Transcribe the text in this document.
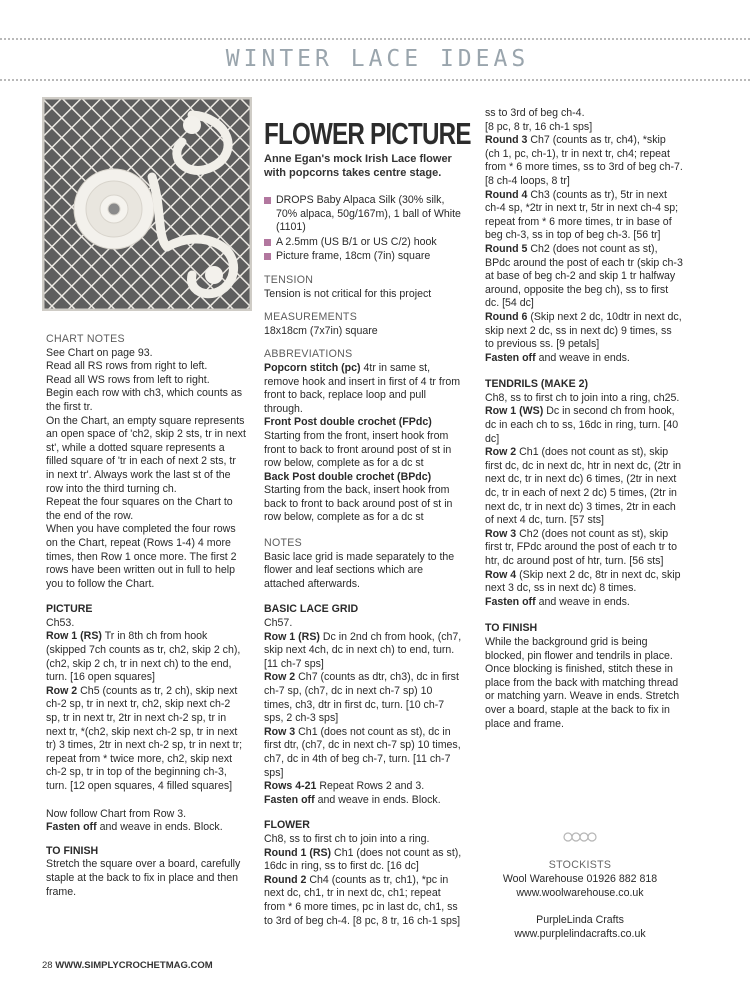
WINTER LACE IDEAS
FLOWER PICTURE
Anne Egan's mock Irish Lace flower with popcorns takes centre stage.
DROPS Baby Alpaca Silk (30% silk, 70% alpaca, 50g/167m), 1 ball of White (1101)
A 2.5mm (US B/1 or US C/2) hook
Picture frame, 18cm (7in) square

TENSION

Tension is not critical for this project

MEASUREMENTS

18x18cm (7x7in) square

ABBREVIATIONS

Popcorn stitch (pc) 4tr in same st, remove hook and insert in first of 4 tr from front to back, replace loop and pull through.

Front Post double crochet (FPdc)

Starting from the front, insert hook from front to back to front around post of st in row below, complete as for a dc st

Back Post double crochet (BPdc)

Starting from the back, insert hook from back to front to back around post of st in row below, complete as for a dc st

NOTES

Basic lace grid is made separately to the flower and leaf sections which are attached afterwards.

BASIC LACE GRID

Ch57.

Row 1 (RS) Dc in 2nd ch from hook, (ch7, skip next 4ch, dc in next ch) to end, turn. [11 ch-7 sps]

Row 2 Ch7 (counts as dtr, ch3), dc in first ch-7 sp, (ch7, dc in next ch-7 sp) 10 times, ch3, dtr in first dc, turn. [10 ch-7 sps, 2 ch-3 sps]

Row 3 Ch1 (does not count as st), dc in first dtr, (ch7, dc in next ch-7 sp) 10 times, ch7, dc in 4th of beg ch-7, turn. [11 ch-7 sps]

Rows 4-21 Repeat Rows 2 and 3.

Fasten off and weave in ends. Block.

FLOWER

Ch8, ss to first ch to join into a ring.

Round 1 (RS) Ch1 (does not count as st), 16dc in ring, ss to first dc. [16 dc]

Round 2 Ch4 (counts as tr, ch1), *pc in next dc, ch1, tr in next dc, ch1; repeat from * 6 more times, pc in last dc, ch1, ss to 3rd of beg ch-4. [8 pc, 8 tr, 16 ch-1 sps]

CHART NOTES

See Chart on page 93.

Read all RS rows from right to left.

Read all WS rows from left to right.

Begin each row with ch3, which counts as the first tr.

On the Chart, an empty square represents an open space of 'ch2, skip 2 sts, tr in next st', while a dotted square represents a filled square of 'tr in each of next 2 sts, tr in next tr'. Always work the last st of the row into the third turning ch.

Repeat the four squares on the Chart to the end of the row.

When you have completed the four rows on the Chart, repeat (Rows 1-4) 4 more times, then Row 1 once more. The first 2 rows have been written out in full to help you to follow the Chart.

PICTURE

Ch53.

Row 1 (RS) Tr in 8th ch from hook (skipped 7ch counts as tr, ch2, skip 2 ch), (ch2, skip 2 ch, tr in next ch) to the end, turn. [16 open squares]

Row 2 Ch5 (counts as tr, 2 ch), skip next ch-2 sp, tr in next tr, ch2, skip next ch-2 sp, tr in next tr, 2tr in next ch-2 sp, tr in next tr, *(ch2, skip next ch-2 sp, tr in next tr) 3 times, 2tr in next ch-2 sp, tr in next tr; repeat from * twice more, ch2, skip next ch-2 sp, tr in top of the beginning ch-3, turn. [12 open squares, 4 filled squares]

Now follow Chart from Row 3.

Fasten off and weave in ends. Block.

TO FINISH

Stretch the square over a board, carefully staple at the back to fix in place and then frame.

ss to 3rd of beg ch-4.
[8 pc, 8 tr, 16 ch-1 sps]

Round 3 Ch7 (counts as tr, ch4), *skip (ch 1, pc, ch-1), tr in next tr, ch4; repeat from * 6 more times, ss to 3rd of beg ch-7. [8 ch-4 loops, 8 tr]

Round 4 Ch3 (counts as tr), 5tr in next ch-4 sp, *2tr in next tr, 5tr in next ch-4 sp; repeat from * 6 more times, tr in base of beg ch-3, ss in top of beg ch-3. [56 tr]

Round 5 Ch2 (does not count as st), BPdc around the post of each tr (skip ch-3 at base of beg ch-2 and skip 1 tr halfway around, opposite the beg ch), ss to first dc. [54 dc]

Round 6 (Skip next 2 dc, 10dtr in next dc, skip next 2 dc, ss in next dc) 9 times, ss to previous ss. [9 petals]

Fasten off and weave in ends.

TENDRILS (MAKE 2)

Ch8, ss to first ch to join into a ring, ch25.

Row 1 (WS) Dc in second ch from hook, dc in each ch to ss, 16dc in ring, turn. [40 dc]

Row 2 Ch1 (does not count as st), skip first dc, dc in next dc, htr in next dc, (2tr in next dc, tr in next dc) 6 times, (2tr in next dc, tr in each of next 2 dc) 5 times, (2tr in next dc, tr in next dc) 3 times, 2tr in each of next 4 dc, turn. [57 sts]

Row 3 Ch2 (does not count as st), skip first tr, FPdc around the post of each tr to htr, dc around post of htr, turn. [56 sts]

Row 4 (Skip next 2 dc, 8tr in next dc, skip next 3 dc, ss in next dc) 8 times.

Fasten off and weave in ends.

TO FINISH

While the background grid is being blocked, pin flower and tendrils in place. Once blocking is finished, stitch these in place from the back with matching thread or matching yarn. Weave in ends. Stretch over a board, staple at the back to fix in place and frame.

STOCKISTS
Wool Warehouse 01926 882 818
www.woolwarehouse.co.uk
PurpleLinda Crafts
www.purplelindacrafts.co.uk
28 WWW.SIMPLYCROCHETMAG.COM
